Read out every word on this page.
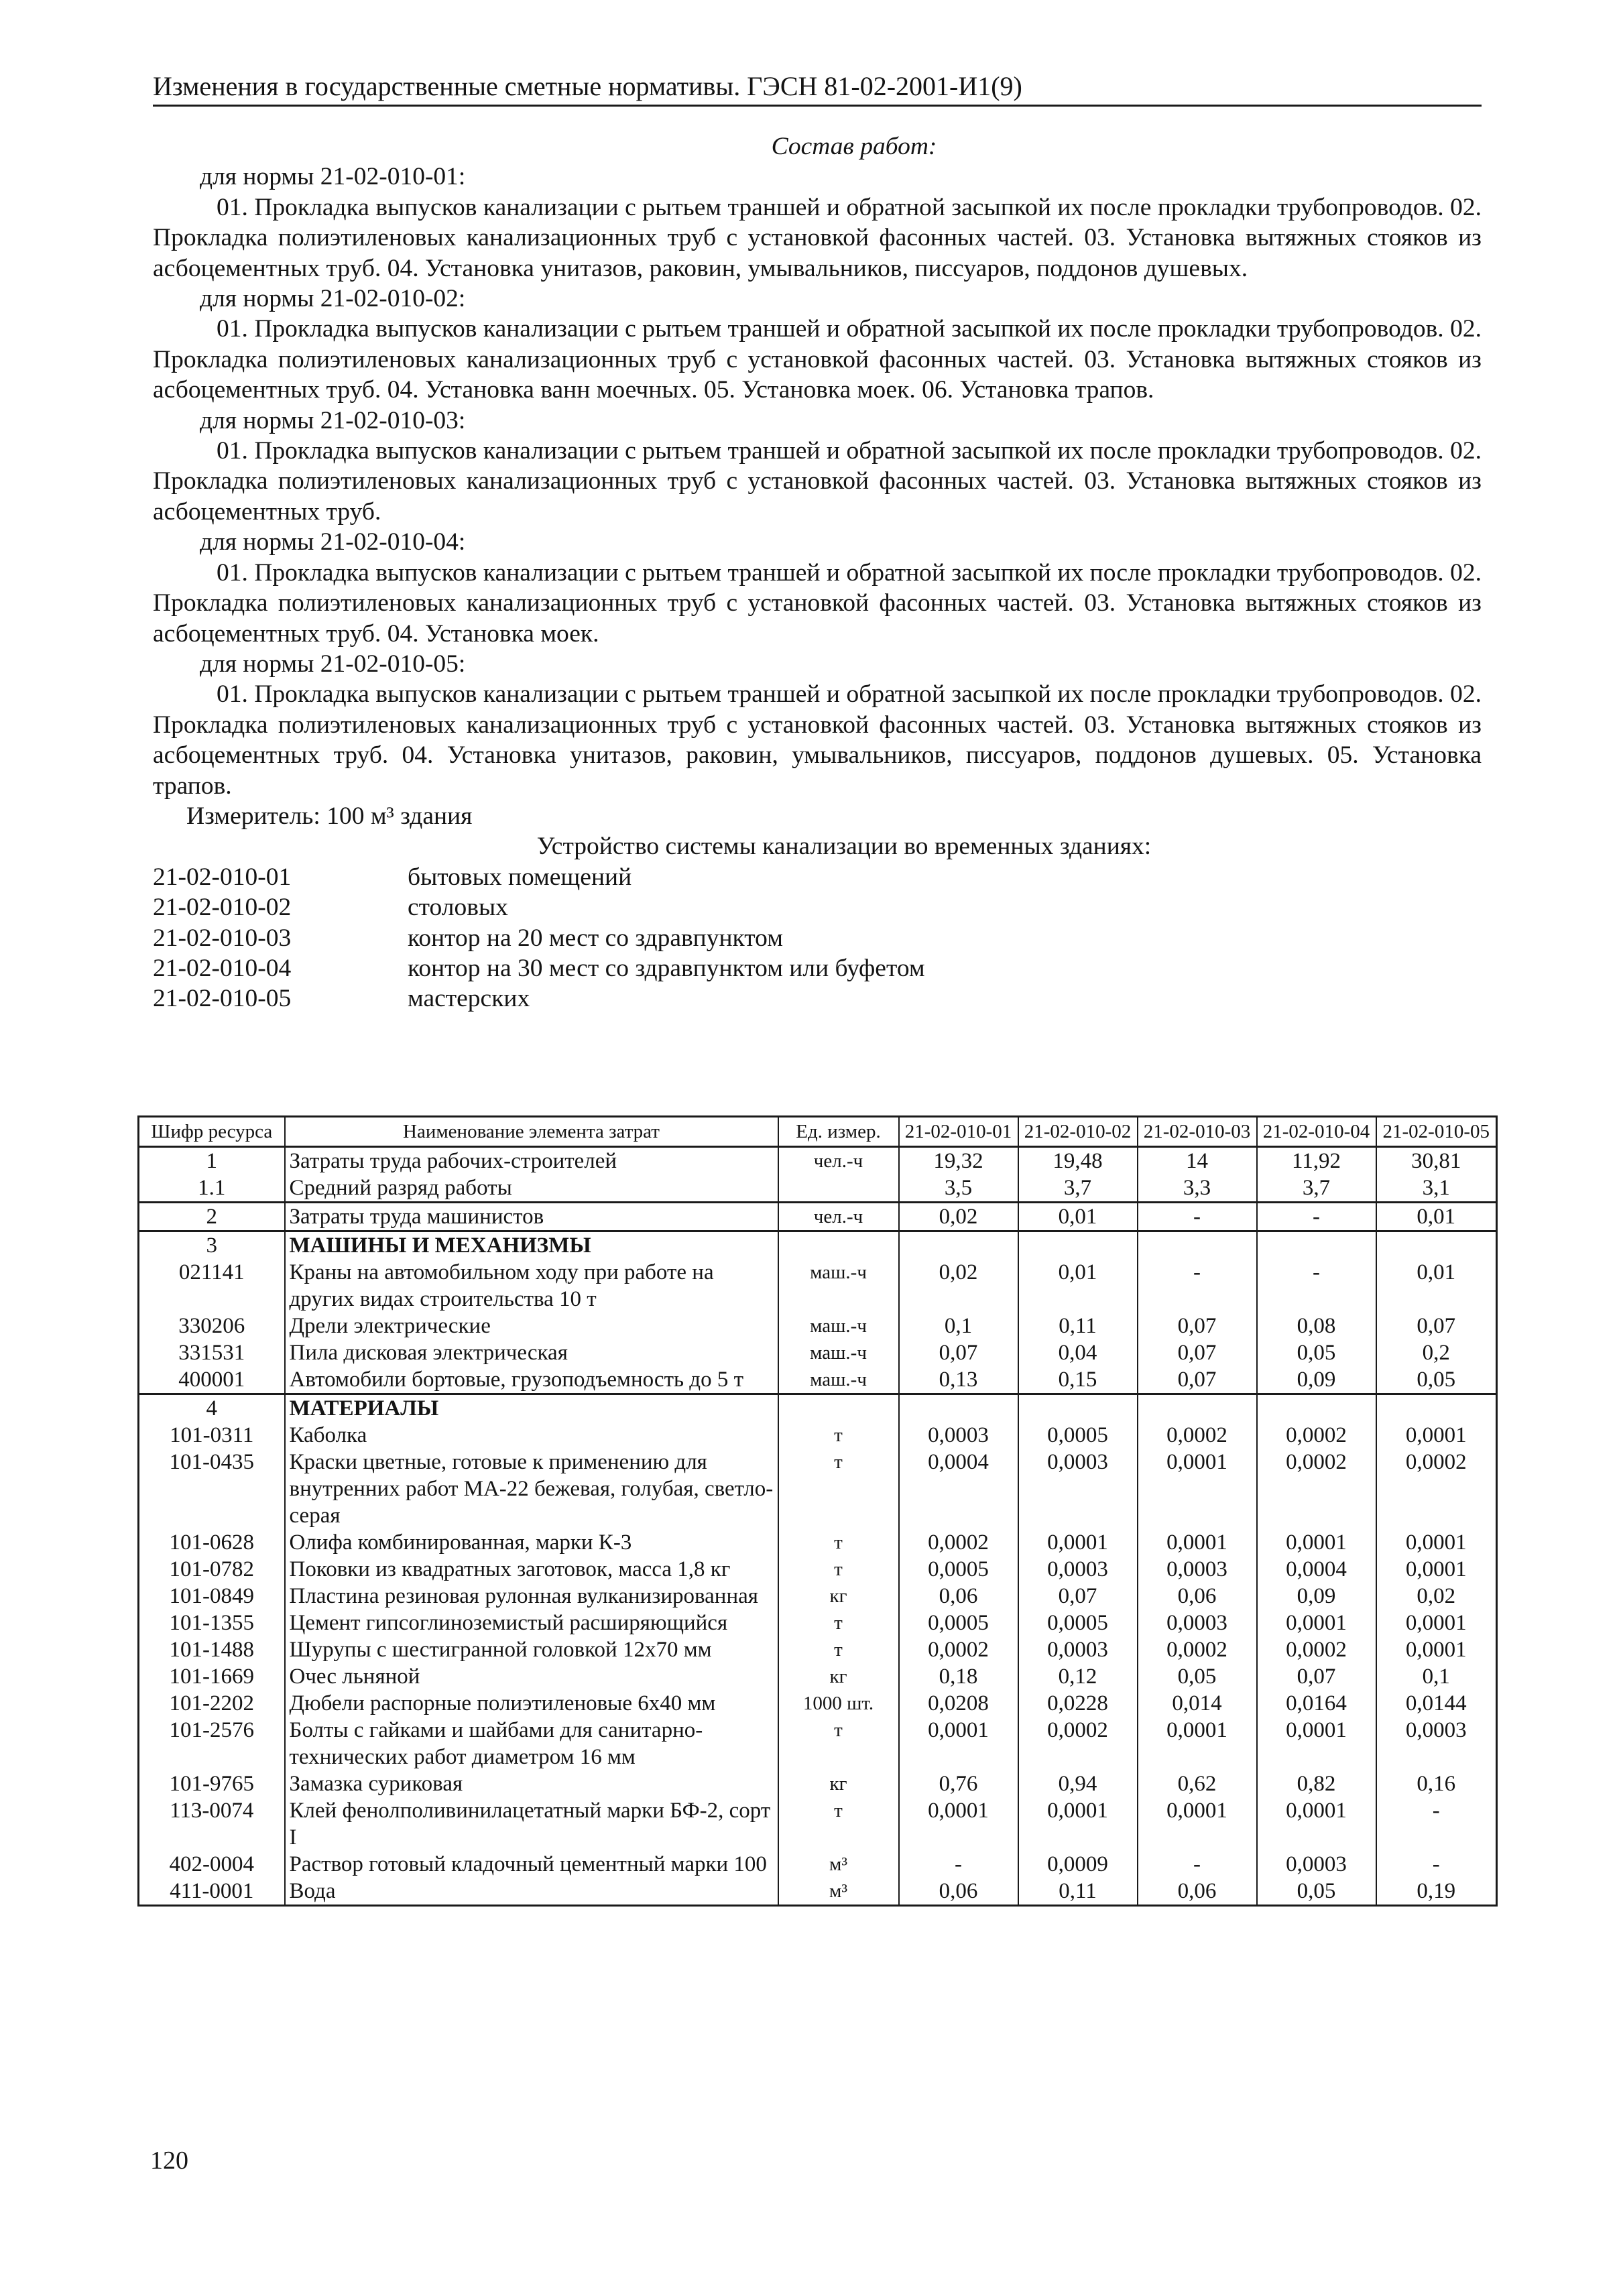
Изменения в государственные сметные нормативы. ГЭСН 81-02-2001-И1(9)
Состав работ:
для нормы 21-02-010-01:
01. Прокладка выпусков канализации с рытьем траншей и обратной засыпкой их после прокладки трубопроводов. 02. Прокладка полиэтиленовых канализационных труб с установкой фасонных частей. 03. Установка вытяжных стояков из асбоцементных труб. 04. Установка унитазов, раковин, умывальников, писсуаров, поддонов душевых.
для нормы 21-02-010-02:
01. Прокладка выпусков канализации с рытьем траншей и обратной засыпкой их после прокладки трубопроводов. 02. Прокладка полиэтиленовых канализационных труб с установкой фасонных частей. 03. Установка вытяжных стояков из асбоцементных труб. 04. Установка ванн моечных. 05. Установка моек. 06. Установка трапов.
для нормы 21-02-010-03:
01. Прокладка выпусков канализации с рытьем траншей и обратной засыпкой их после прокладки трубопроводов. 02. Прокладка полиэтиленовых канализационных труб с установкой фасонных частей. 03. Установка вытяжных стояков из асбоцементных труб.
для нормы 21-02-010-04:
01. Прокладка выпусков канализации с рытьем траншей и обратной засыпкой их после прокладки трубопроводов. 02. Прокладка полиэтиленовых канализационных труб с установкой фасонных частей. 03. Установка вытяжных стояков из асбоцементных труб. 04. Установка моек.
для нормы 21-02-010-05:
01. Прокладка выпусков канализации с рытьем траншей и обратной засыпкой их после прокладки трубопроводов. 02. Прокладка полиэтиленовых канализационных труб с установкой фасонных частей. 03. Установка вытяжных стояков из асбоцементных труб. 04. Установка унитазов, раковин, умывальников, писсуаров, поддонов душевых. 05. Установка трапов.
Измеритель: 100 м³ здания
Устройство системы канализации во временных зданиях:
21-02-010-01	бытовых помещений
21-02-010-02	столовых
21-02-010-03	контор на 20 мест со здравпунктом
21-02-010-04	контор на 30 мест со здравпунктом или буфетом
21-02-010-05	мастерских
Шифр ресурса	Наименование элемента затрат	Ед. измер.	21-02-010-01	21-02-010-02	21-02-010-03	21-02-010-04	21-02-010-05
1	Затраты труда рабочих-строителей	чел.-ч	19,32	19,48	14	11,92	30,81
1.1	Средний разряд работы		3,5	3,7	3,3	3,7	3,1
2	Затраты труда машинистов	чел.-ч	0,02	0,01	-	-	0,01
3	МАШИНЫ И МЕХАНИЗМЫ						
021141	Краны на автомобильном ходу при работе на других видах строительства 10 т	маш.-ч	0,02	0,01	-	-	0,01
330206	Дрели электрические	маш.-ч	0,1	0,11	0,07	0,08	0,07
331531	Пила дисковая электрическая	маш.-ч	0,07	0,04	0,07	0,05	0,2
400001	Автомобили бортовые, грузоподъемность до 5 т	маш.-ч	0,13	0,15	0,07	0,09	0,05
4	МАТЕРИАЛЫ						
101-0311	Каболка	т	0,0003	0,0005	0,0002	0,0002	0,0001
101-0435	Краски цветные, готовые к применению для внутренних работ МА-22 бежевая, голубая, светло-серая	т	0,0004	0,0003	0,0001	0,0002	0,0002
101-0628	Олифа комбинированная, марки К-3	т	0,0002	0,0001	0,0001	0,0001	0,0001
101-0782	Поковки из квадратных заготовок, масса 1,8 кг	т	0,0005	0,0003	0,0003	0,0004	0,0001
101-0849	Пластина резиновая рулонная вулканизированная	кг	0,06	0,07	0,06	0,09	0,02
101-1355	Цемент гипсоглиноземистый расширяющийся	т	0,0005	0,0005	0,0003	0,0001	0,0001
101-1488	Шурупы с шестигранной головкой 12х70 мм	т	0,0002	0,0003	0,0002	0,0002	0,0001
101-1669	Очес льняной	кг	0,18	0,12	0,05	0,07	0,1
101-2202	Дюбели распорные полиэтиленовые 6х40 мм	1000 шт.	0,0208	0,0228	0,014	0,0164	0,0144
101-2576	Болты с гайками и шайбами для санитарно-технических работ диаметром 16 мм	т	0,0001	0,0002	0,0001	0,0001	0,0003
101-9765	Замазка суриковая	кг	0,76	0,94	0,62	0,82	0,16
113-0074	Клей фенолполивинилацетатный марки БФ-2, сорт I	т	0,0001	0,0001	0,0001	0,0001	-
402-0004	Раствор готовый кладочный цементный марки 100	м³	-	0,0009	-	0,0003	-
411-0001	Вода	м³	0,06	0,11	0,06	0,05	0,19
120
